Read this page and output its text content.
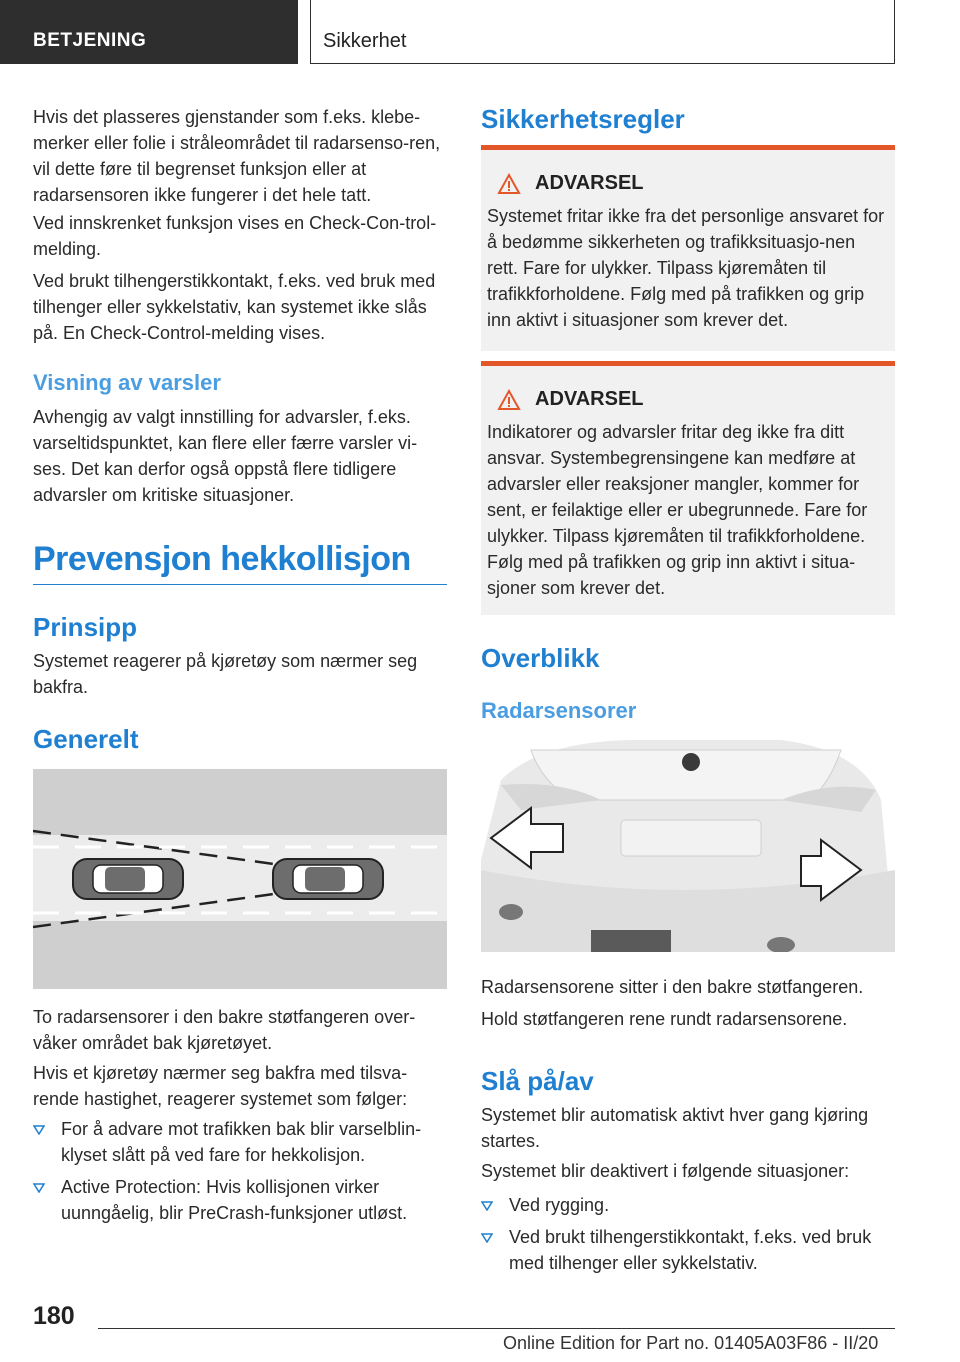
BETJENING	Sikkerhet

Hvis det plasseres gjenstander som f.eks. klebe-merker eller folie i stråleområdet til radarsenso-ren, vil dette føre til begrenset funksjon eller at radarsensoren ikke fungerer i det hele tatt.

Ved innskrenket funksjon vises en Check-Con-trol-melding.

Ved brukt tilhengerstikkontakt, f.eks. ved bruk med tilhenger eller sykkelstativ, kan systemet ikke slås på. En Check-Control-melding vises.

Visning av varsler

Avhengig av valgt innstilling for advarsler, f.eks. varseltidspunktet, kan flere eller færre varsler vi-ses. Det kan derfor også oppstå flere tidligere advarsler om kritiske situasjoner.

Prevensjon hekkollisjon
Prinsipp

Systemet reagerer på kjøretøy som nærmer seg bakfra.

Generelt

To radarsensorer i den bakre støtfangeren over-våker området bak kjøretøyet.

Hvis et kjøretøy nærmer seg bakfra med tilsva-rende hastighet, reagerer systemet som følger:

For å advare mot trafikken bak blir varselblin-klyset slått på ved fare for hekkolisjon.
Active Protection: Hvis kollisjonen virker uunngåelig, blir PreCrash-funksjoner utløst.
Sikkerhetsregler
ADVARSEL

Systemet fritar ikke fra det personlige ansvaret for å bedømme sikkerheten og trafikksituasjo-nen rett. Fare for ulykker. Tilpass kjøremåten til trafikkforholdene. Følg med på trafikken og grip inn aktivt i situasjoner som krever det.

ADVARSEL

Indikatorer og advarsler fritar deg ikke fra ditt ansvar. Systembegrensingene kan medføre at advarsler eller reaksjoner mangler, kommer for sent, er feilaktige eller er ubegrunnede. Fare for ulykker. Tilpass kjøremåten til trafikkforholdene. Følg med på trafikken og grip inn aktivt i situa-sjoner som krever det.

Overblikk
Radarsensorer

Radarsensorene sitter i den bakre støtfangeren.

Hold støtfangeren rene rundt radarsensorene.

Slå på/av

Systemet blir automatisk aktivt hver gang kjøring startes.

Systemet blir deaktivert i følgende situasjoner:

Ved rygging.
Ved brukt tilhengerstikkontakt, f.eks. ved bruk med tilhenger eller sykkelstativ.
180
Online Edition for Part no. 01405A03F86 - II/20
